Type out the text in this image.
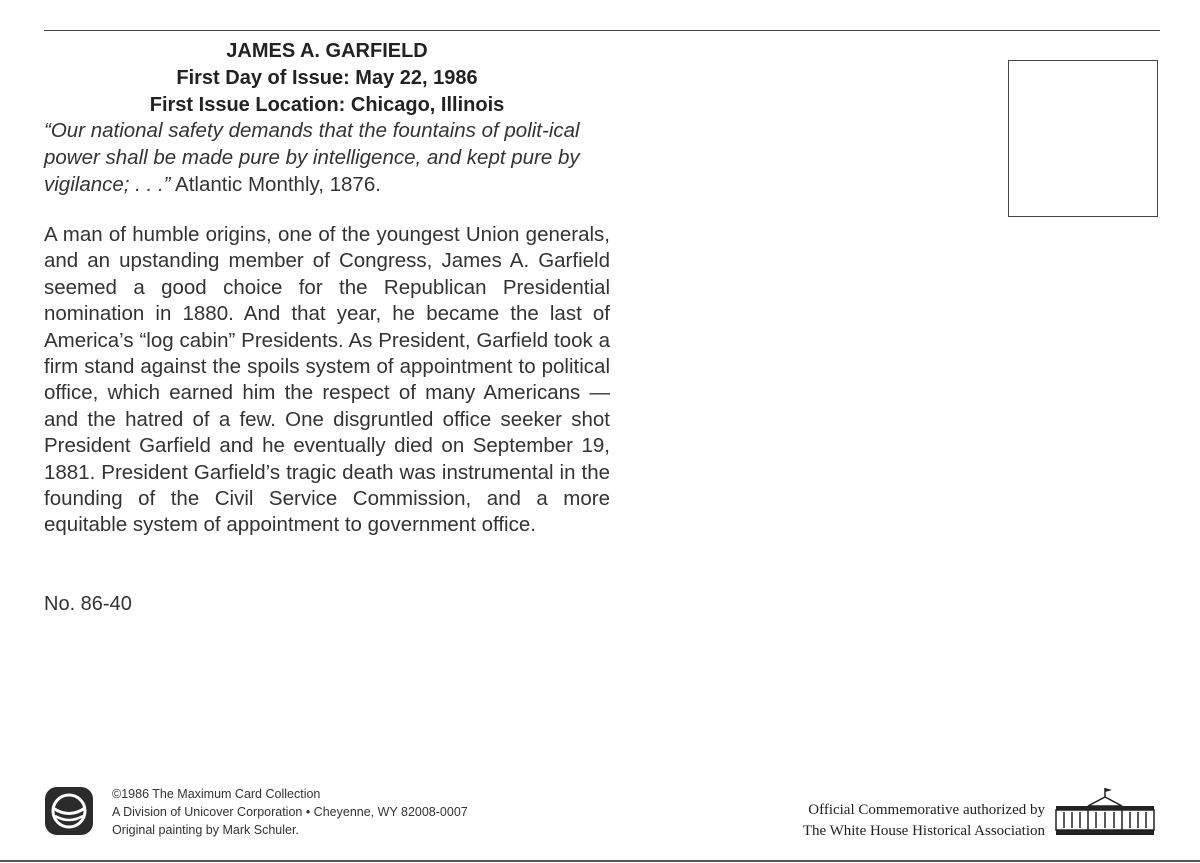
JAMES A. GARFIELD
First Day of Issue: May 22, 1986
First Issue Location: Chicago, Illinois
“Our national safety demands that the fountains of polit-ical power shall be made pure by intelligence, and kept pure by vigilance; . . .” Atlantic Monthly, 1876.
A man of humble origins, one of the youngest Union generals, and an upstanding member of Congress, James A. Garfield seemed a good choice for the Republican Presidential nomination in 1880. And that year, he became the last of America’s “log cabin” Presidents. As President, Garfield took a firm stand against the spoils system of appointment to political office, which earned him the respect of many Americans — and the hatred of a few. One disgruntled office seeker shot President Garfield and he eventually died on September 19, 1881. President Garfield’s tragic death was instrumental in the founding of the Civil Service Commission, and a more equitable system of appointment to government office.
No. 86-40
©1986 The Maximum Card Collection
A Division of Unicover Corporation • Cheyenne, WY 82008-0007
Original painting by Mark Schuler.
Official Commemorative authorized by
The White House Historical Association
